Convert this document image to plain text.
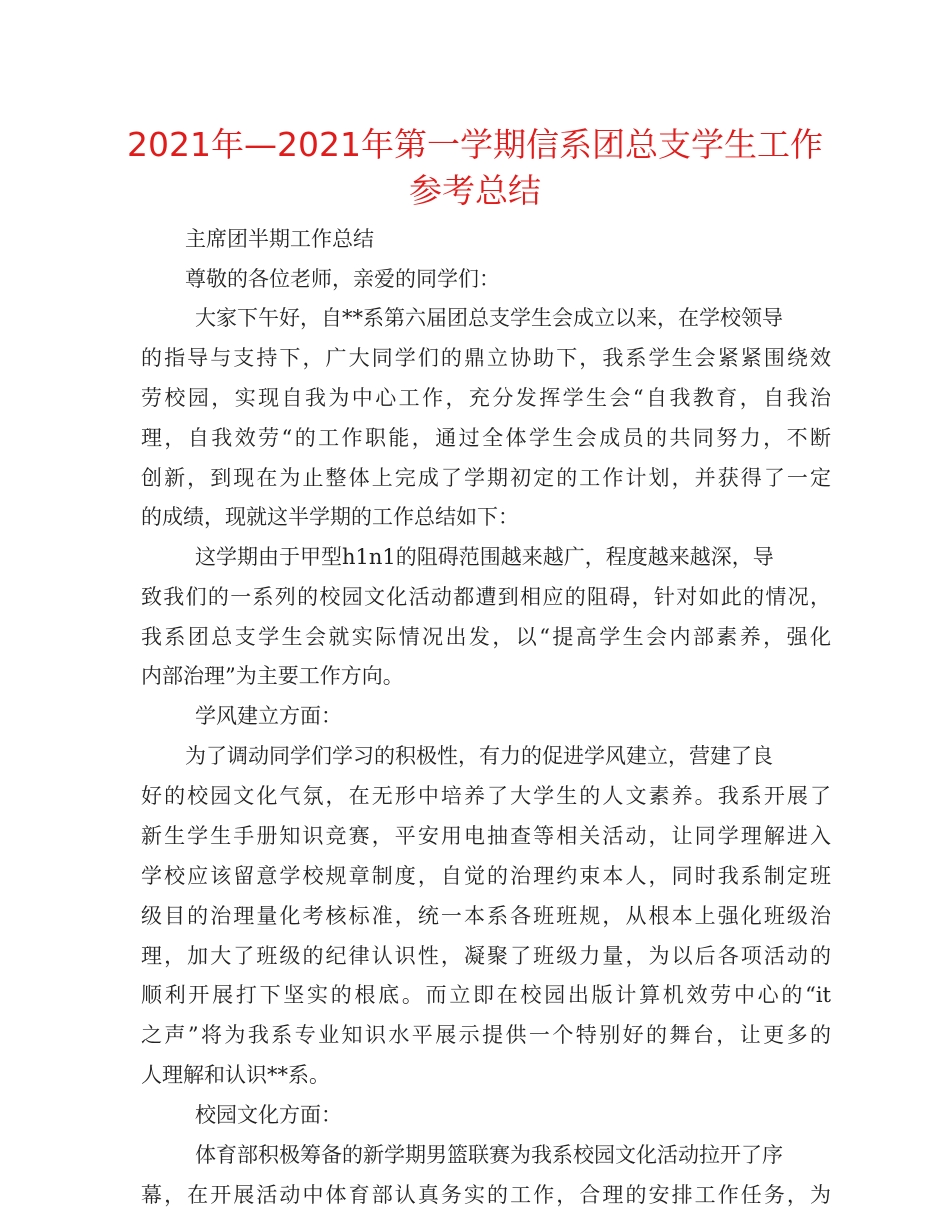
2021年—2021年第一学期信系团总支学生工作
参考总结
主席团半期工作总结
尊敬的各位老师，亲爱的同学们：
大家下午好，自**系第六届团总支学生会成立以来，在学校领导
的指导与支持下，广大同学们的鼎立协助下，我系学生会紧紧围绕效
劳校园，实现自我为中心工作，充分发挥学生会“自我教育，自我治
理，自我效劳“的工作职能，通过全体学生会成员的共同努力，不断
创新，到现在为止整体上完成了学期初定的工作计划，并获得了一定
的成绩，现就这半学期的工作总结如下：
这学期由于甲型h1n1的阻碍范围越来越广，程度越来越深，导
致我们的一系列的校园文化活动都遭到相应的阻碍，针对如此的情况，
我系团总支学生会就实际情况出发，以“提高学生会内部素养，强化
内部治理”为主要工作方向。
学风建立方面：
为了调动同学们学习的积极性，有力的促进学风建立，营建了良
好的校园文化气氛，在无形中培养了大学生的人文素养。我系开展了
新生学生手册知识竞赛，平安用电抽查等相关活动，让同学理解进入
学校应该留意学校规章制度，自觉的治理约束本人，同时我系制定班
级目的治理量化考核标准，统一本系各班班规，从根本上强化班级治
理，加大了班级的纪律认识性，凝聚了班级力量，为以后各项活动的
顺利开展打下坚实的根底。而立即在校园出版计算机效劳中心的“it
之声”将为我系专业知识水平展示提供一个特别好的舞台，让更多的
人理解和认识**系。
校园文化方面：
体育部积极筹备的新学期男篮联赛为我系校园文化活动拉开了序
幕，在开展活动中体育部认真务实的工作，合理的安排工作任务，为
